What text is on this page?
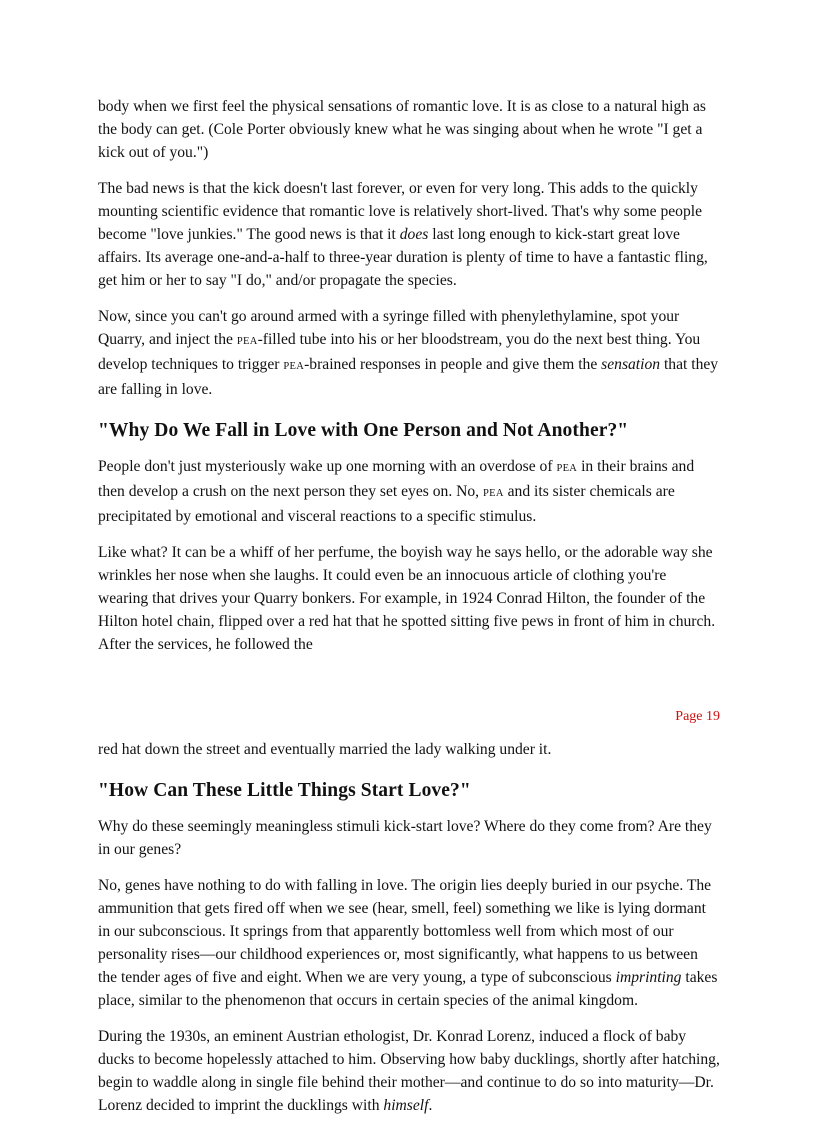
body when we first feel the physical sensations of romantic love. It is as close to a natural high as the body can get. (Cole Porter obviously knew what he was singing about when he wrote "I get a kick out of you.")

The bad news is that the kick doesn't last forever, or even for very long. This adds to the quickly mounting scientific evidence that romantic love is relatively short-lived. That's why some people become "love junkies." The good news is that it does last long enough to kick-start great love affairs. Its average one-and-a-half to three-year duration is plenty of time to have a fantastic fling, get him or her to say "I do," and/or propagate the species.

Now, since you can't go around armed with a syringe filled with phenylethylamine, spot your Quarry, and inject the PEA-filled tube into his or her bloodstream, you do the next best thing. You develop techniques to trigger PEA-brained responses in people and give them the sensation that they are falling in love.

"Why Do We Fall in Love with One Person and Not Another?"

People don't just mysteriously wake up one morning with an overdose of PEA in their brains and then develop a crush on the next person they set eyes on. No, PEA and its sister chemicals are precipitated by emotional and visceral reactions to a specific stimulus.

Like what? It can be a whiff of her perfume, the boyish way he says hello, or the adorable way she wrinkles her nose when she laughs. It could even be an innocuous article of clothing you're wearing that drives your Quarry bonkers. For example, in 1924 Conrad Hilton, the founder of the Hilton hotel chain, flipped over a red hat that he spotted sitting five pews in front of him in church. After the services, he followed the

Page 19

red hat down the street and eventually married the lady walking under it.

"How Can These Little Things Start Love?"

Why do these seemingly meaningless stimuli kick-start love? Where do they come from? Are they in our genes?

No, genes have nothing to do with falling in love. The origin lies deeply buried in our psyche. The ammunition that gets fired off when we see (hear, smell, feel) something we like is lying dormant in our subconscious. It springs from that apparently bottomless well from which most of our personality rises—our childhood experiences or, most significantly, what happens to us between the tender ages of five and eight. When we are very young, a type of subconscious imprinting takes place, similar to the phenomenon that occurs in certain species of the animal kingdom.

During the 1930s, an eminent Austrian ethologist, Dr. Konrad Lorenz, induced a flock of baby ducks to become hopelessly attached to him. Observing how baby ducklings, shortly after hatching, begin to waddle along in single file behind their mother—and continue to do so into maturity—Dr. Lorenz decided to imprint the ducklings with himself.
